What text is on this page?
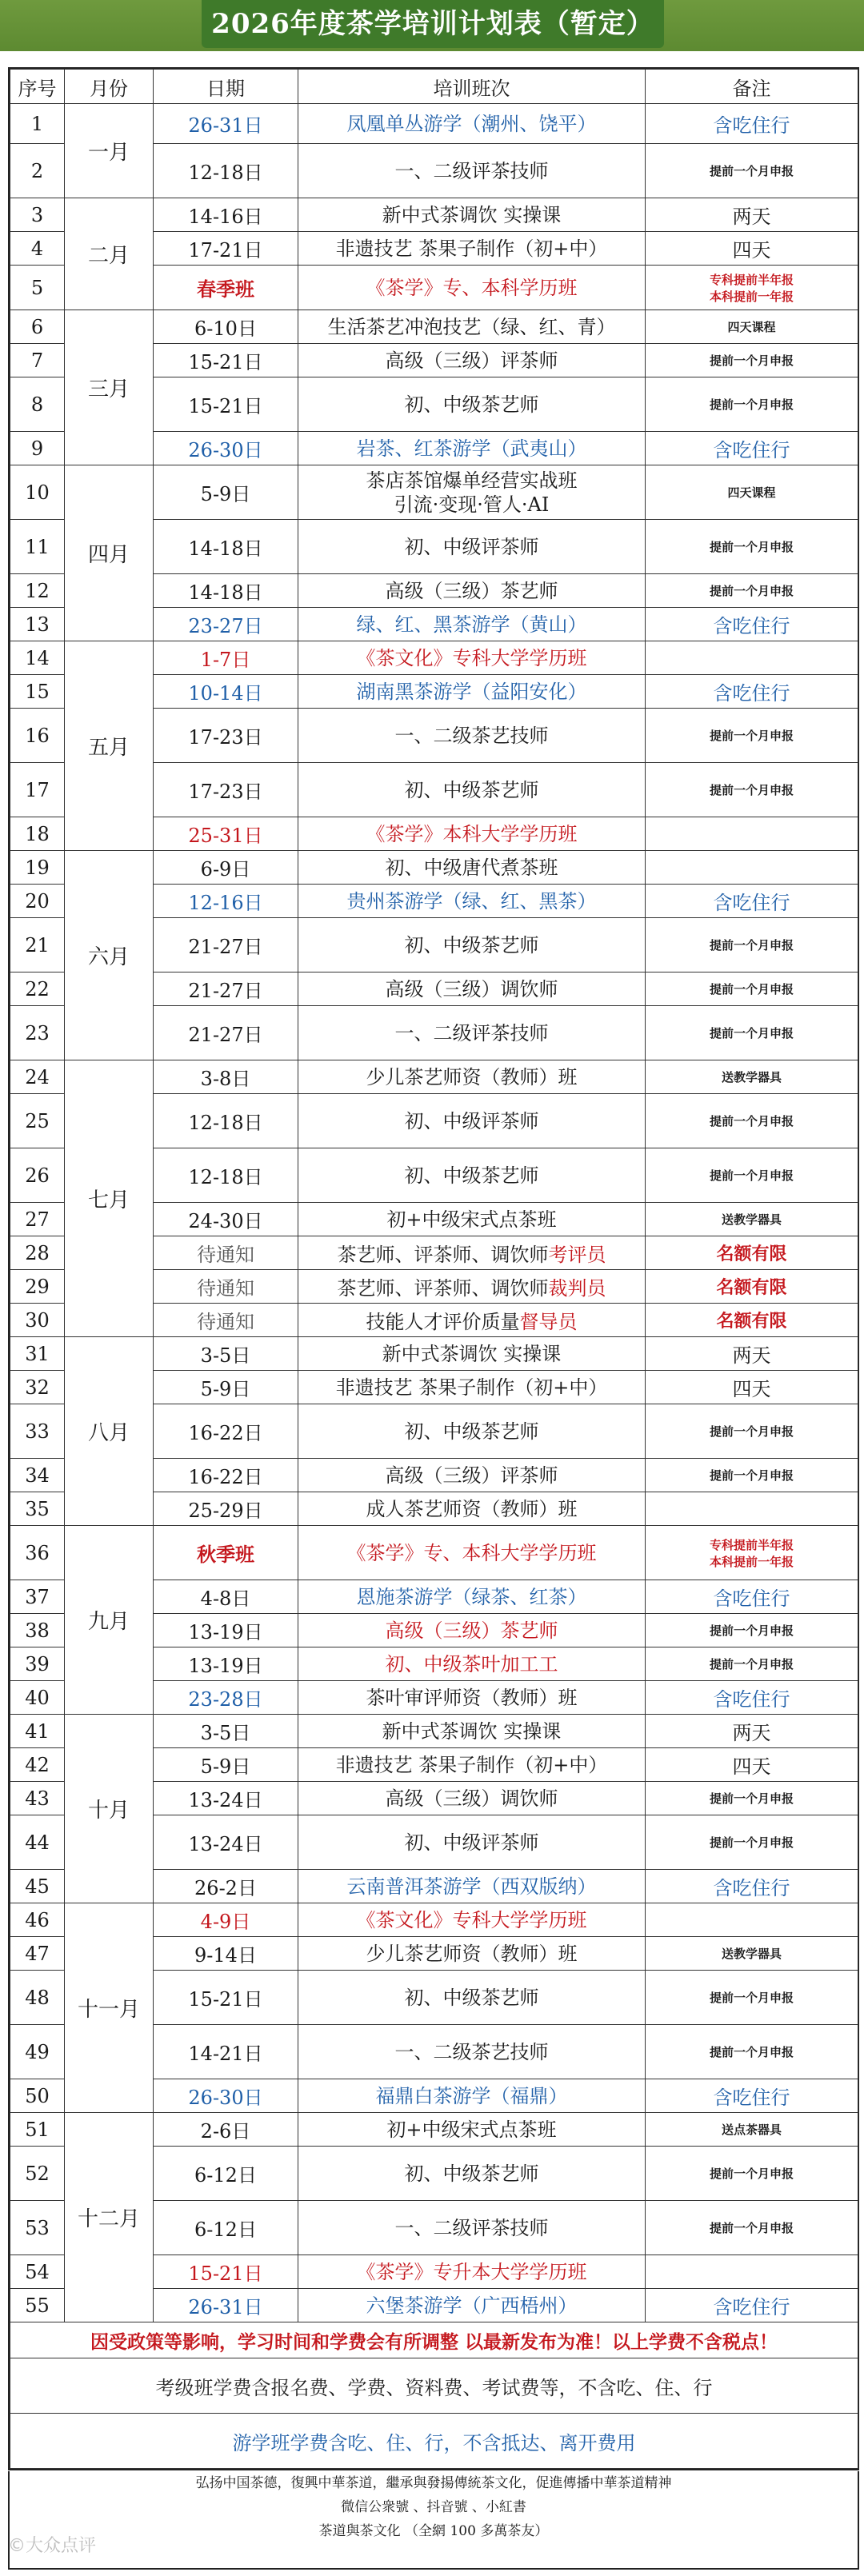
2026年度茶学培训计划表（暂定）
序号	月份	日期	培训班次	备注
1	一月	26-31日	凤凰单丛游学（潮州、饶平）	含吃住行
2		12-18日	一、二级评茶技师	提前一个月申报
3	二月	14-16日	新中式茶调饮 实操课	两天
4		17-21日	非遗技艺 茶果子制作（初+中）	四天
5		春季班	《茶学》专、本科学历班	专科提前半年报
本科提前一年报
6	三月	6-10日	生活茶艺冲泡技艺（绿、红、青）	四天课程
7		15-21日	高级（三级）评茶师	提前一个月申报
8		15-21日	初、中级茶艺师	提前一个月申报
9		26-30日	岩茶、红茶游学（武夷山）	含吃住行
10	四月	5-9日	茶店茶馆爆单经营实战班
引流·变现·管人·AI	四天课程
11		14-18日	初、中级评茶师	提前一个月申报
12		14-18日	高级（三级）茶艺师	提前一个月申报
13		23-27日	绿、红、黑茶游学（黄山）	含吃住行
14	五月	1-7日	《茶文化》专科大学学历班	
15		10-14日	湖南黑茶游学（益阳安化）	含吃住行
16		17-23日	一、二级茶艺技师	提前一个月申报
17		17-23日	初、中级茶艺师	提前一个月申报
18		25-31日	《茶学》本科大学学历班	
19	六月	6-9日	初、中级唐代煮茶班	
20		12-16日	贵州茶游学（绿、红、黑茶）	含吃住行
21		21-27日	初、中级茶艺师	提前一个月申报
22		21-27日	高级（三级）调饮师	提前一个月申报
23		21-27日	一、二级评茶技师	提前一个月申报
24	七月	3-8日	少儿茶艺师资（教师）班	送教学器具
25		12-18日	初、中级评茶师	提前一个月申报
26		12-18日	初、中级茶艺师	提前一个月申报
27		24-30日	初+中级宋式点茶班	送教学器具
28		待通知	茶艺师、评茶师、调饮师考评员	名额有限
29		待通知	茶艺师、评茶师、调饮师裁判员	名额有限
30		待通知	技能人才评价质量督导员	名额有限
31	八月	3-5日	新中式茶调饮 实操课	两天
32		5-9日	非遗技艺 茶果子制作（初+中）	四天
33		16-22日	初、中级茶艺师	提前一个月申报
34		16-22日	高级（三级）评茶师	提前一个月申报
35		25-29日	成人茶艺师资（教师）班	
36	九月	秋季班	《茶学》专、本科大学学历班	专科提前半年报
本科提前一年报
37		4-8日	恩施茶游学（绿茶、红茶）	含吃住行
38		13-19日	高级（三级）茶艺师	提前一个月申报
39		13-19日	初、中级茶叶加工工	提前一个月申报
40		23-28日	茶叶审评师资（教师）班	含吃住行
41	十月	3-5日	新中式茶调饮 实操课	两天
42		5-9日	非遗技艺 茶果子制作（初+中）	四天
43		13-24日	高级（三级）调饮师	提前一个月申报
44		13-24日	初、中级评茶师	提前一个月申报
45		26-2日	云南普洱茶游学（西双版纳）	含吃住行
46	十一月	4-9日	《茶文化》专科大学学历班	
47		9-14日	少儿茶艺师资（教师）班	送教学器具
48		15-21日	初、中级茶艺师	提前一个月申报
49		14-21日	一、二级茶艺技师	提前一个月申报
50		26-30日	福鼎白茶游学（福鼎）	含吃住行
51	十二月	2-6日	初+中级宋式点茶班	送点茶器具
52		6-12日	初、中级茶艺师	提前一个月申报
53		6-12日	一、二级评茶技师	提前一个月申报
54		15-21日	《茶学》专升本大学学历班	
55		26-31日	六堡茶游学（广西梧州）	含吃住行
因受政策等影响，学习时间和学费会有所调整 以最新发布为准！以上学费不含税点！				
考级班学费含报名费、学费、资料费、考试费等，不含吃、住、行				
游学班学费含吃、住、行，不含抵达、离开费用				
弘扬中国茶德，復興中華茶道，繼承與發揚傳統茶文化，促進傳播中華茶道精神
微信公衆號 、抖音號 、小紅書
茶道與茶文化 （全網 100 多萬茶友）
©大众点评
